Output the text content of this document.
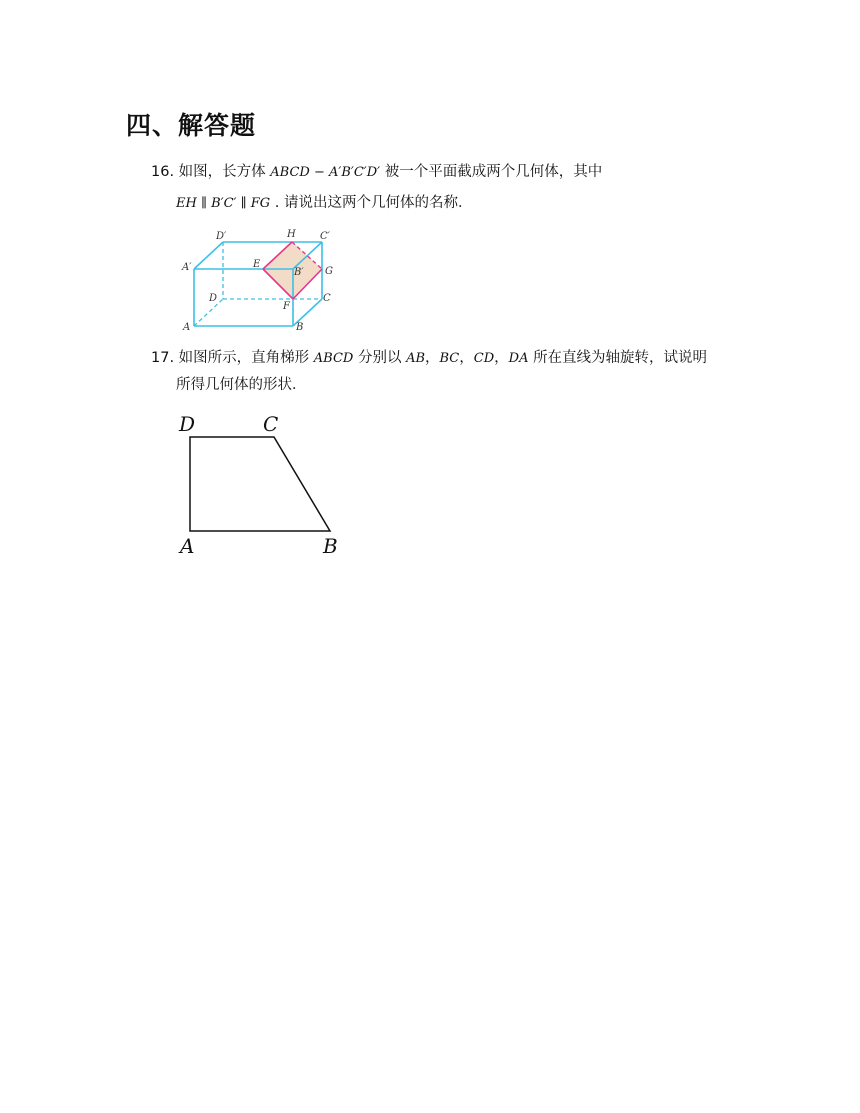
四、解答题
16. 如图，长方体 ABCD − A′B′C′D′ 被一个平面截成两个几何体，其中
EH ∥ B′C′ ∥ FG . 请说出这两个几何体的名称．
D′	H C′
A′	E
B′ G
D	C
F
A	B
17. 如图所示，直角梯形 ABCD 分别以 AB，BC，CD，DA 所在直线为轴旋转，试说明
所得几何体的形状．
D	C
A	B
